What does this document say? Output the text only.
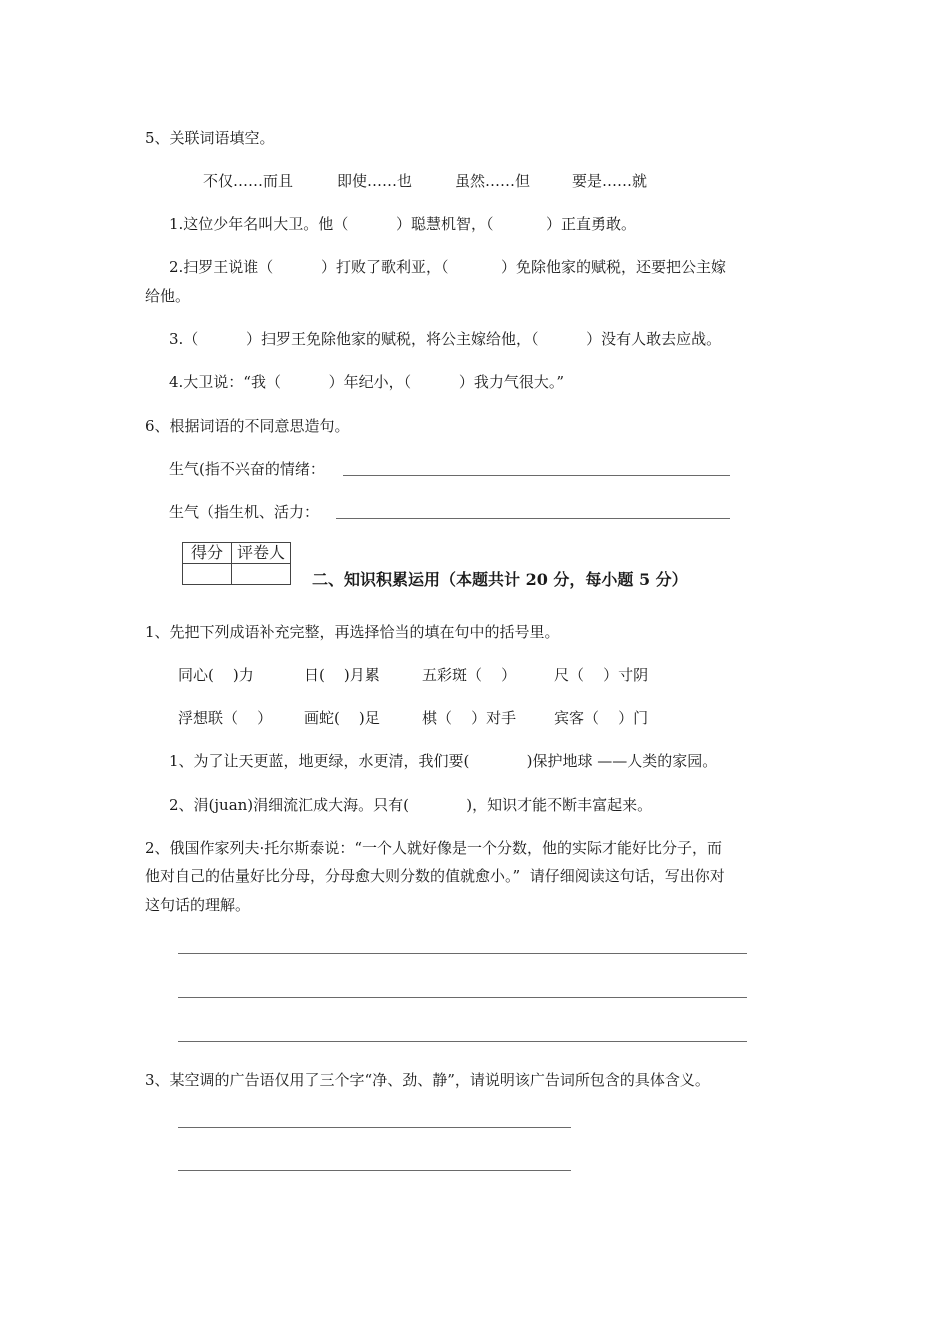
5、关联词语填空。
不仅……而且	即使……也	虽然……但	要是……就
1.这位少年名叫大卫。他（          ）聪慧机智，（           ）正直勇敢。
2.扫罗王说谁（          ）打败了歌利亚，（           ）免除他家的赋税，还要把公主嫁
给他。
3.（          ）扫罗王免除他家的赋税，将公主嫁给他，（          ）没有人敢去应战。
4.大卫说：“我（          ）年纪小，（          ）我力气很大。”
6、根据词语的不同意思造句。
生气(指不兴奋的情绪：
生气（指生机、活力：
得分	评卷人

二、知识积累运用（本题共计 20 分，每小题 5 分）
1、先把下列成语补充完整，再选择恰当的填在句中的括号里。
同心(    )力	日(    )月累	五彩斑（    ）	尺（    ）寸阴
浮想联（    ）	画蛇(    )足	棋（    ）对手	宾客（    ）门
1、为了让天更蓝，地更绿，水更清，我们要(            )保护地球 ——人类的家园。
2、涓(juan)涓细流汇成大海。只有(            )，知识才能不断丰富起来。
2、俄国作家列夫·托尔斯泰说：“一个人就好像是一个分数，他的实际才能好比分子，而
他对自己的估量好比分母，分母愈大则分数的值就愈小。”  请仔细阅读这句话，写出你对
这句话的理解。
3、某空调的广告语仅用了三个字“净、劲、静”，请说明该广告词所包含的具体含义。
